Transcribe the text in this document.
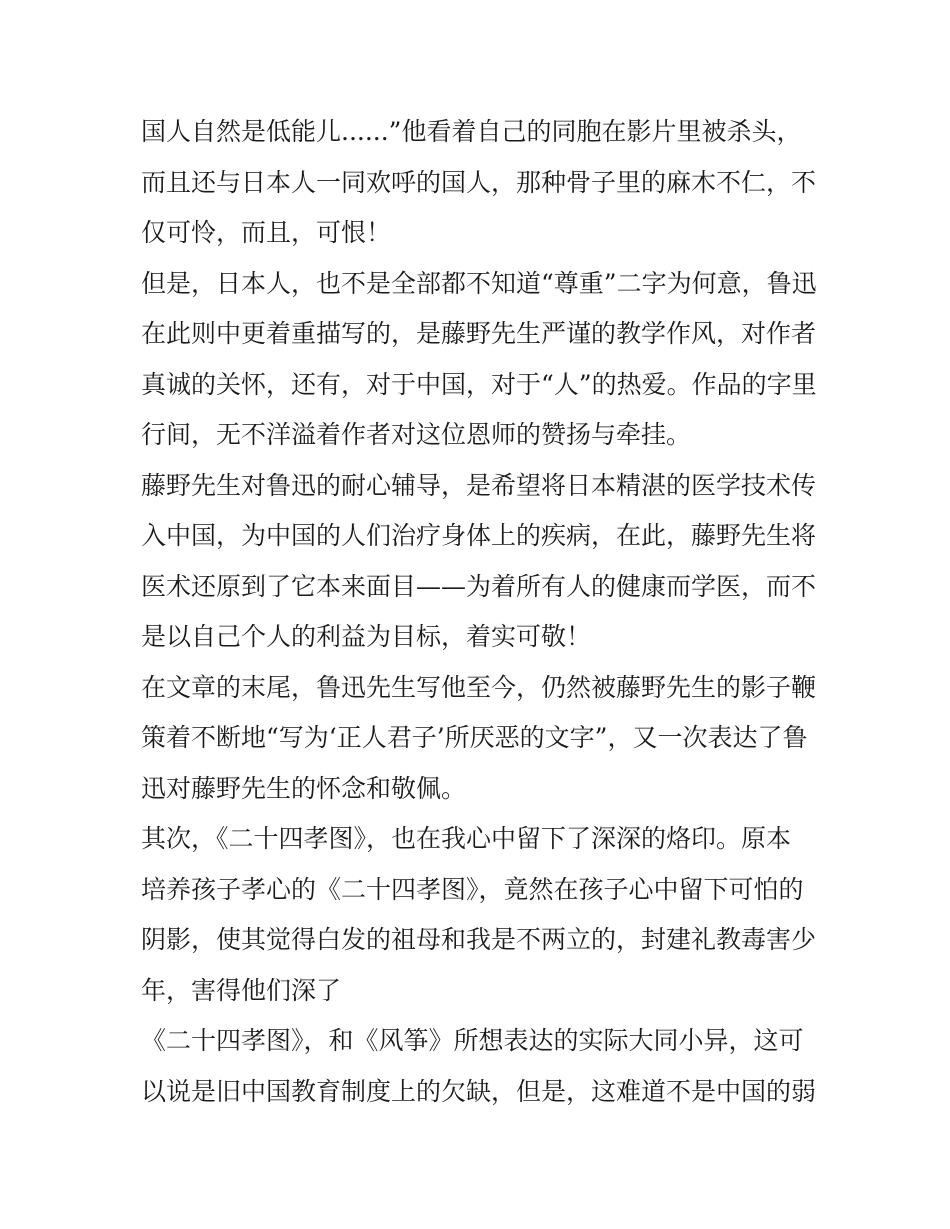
国人自然是低能儿......”他看着自己的同胞在影片里被杀头，
而且还与日本人一同欢呼的国人，那种骨子里的麻木不仁，不
仅可怜，而且，可恨！
但是，日本人，也不是全部都不知道“尊重”二字为何意，鲁迅
在此则中更着重描写的，是藤野先生严谨的教学作风，对作者
真诚的关怀，还有，对于中国，对于“人”的热爱。作品的字里
行间，无不洋溢着作者对这位恩师的赞扬与牵挂。
藤野先生对鲁迅的耐心辅导，是希望将日本精湛的医学技术传
入中国，为中国的人们治疗身体上的疾病，在此，藤野先生将
医术还原到了它本来面目——为着所有人的健康而学医，而不
是以自己个人的利益为目标，着实可敬！
在文章的末尾，鲁迅先生写他至今，仍然被藤野先生的影子鞭
策着不断地“写为‘正人君子’所厌恶的文字”，又一次表达了鲁
迅对藤野先生的怀念和敬佩。
其次，《二十四孝图》，也在我心中留下了深深的烙印。原本
培养孩子孝心的《二十四孝图》，竟然在孩子心中留下可怕的
阴影，使其觉得白发的祖母和我是不两立的，封建礼教毒害少
年，害得他们深了
《二十四孝图》，和《风筝》所想表达的实际大同小异，这可
以说是旧中国教育制度上的欠缺，但是，这难道不是中国的弱
